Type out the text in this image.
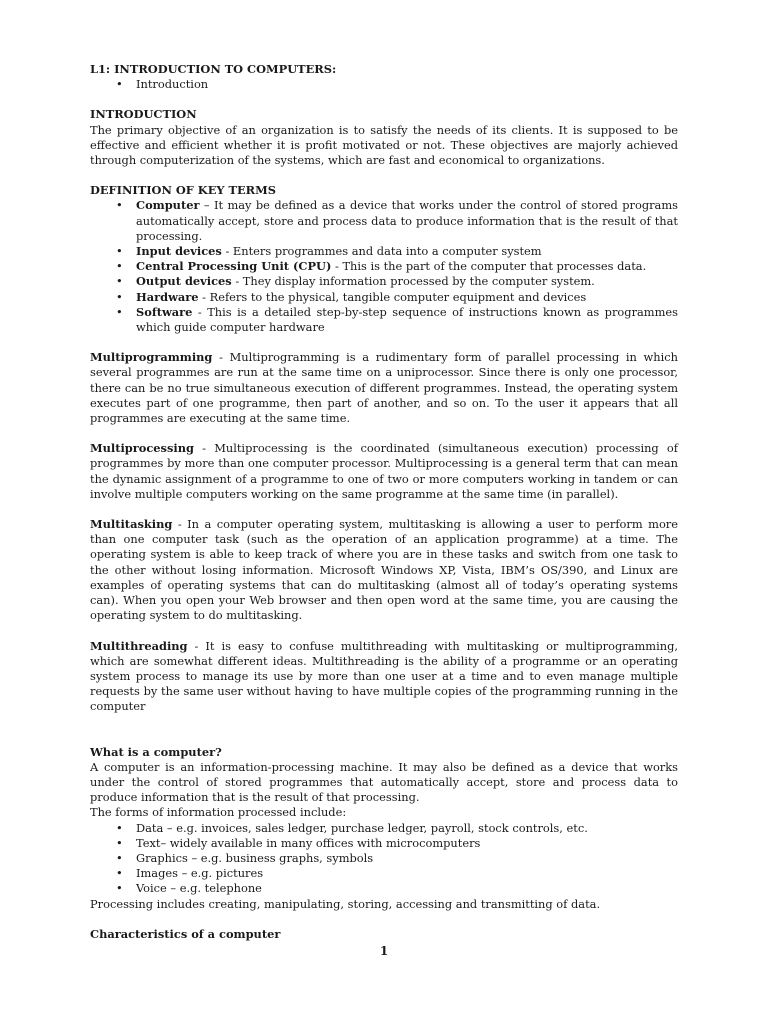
L1: INTRODUCTION TO COMPUTERS:

• Introduction

INTRODUCTION

The primary objective of an organization is to satisfy the needs of its clients. It is supposed to be effective and efficient whether it is profit motivated or not. These objectives are majorly achieved through computerization of the systems, which are fast and economical to organizations.

DEFINITION OF KEY TERMS

• Computer – It may be defined as a device that works under the control of stored programs automatically accept, store and process data to produce information that is the result of that processing.
• Input devices - Enters programmes and data into a computer system
• Central Processing Unit (CPU) - This is the part of the computer that processes data.
• Output devices - They display information processed by the computer system.
• Hardware - Refers to the physical, tangible computer equipment and devices
• Software - This is a detailed step-by-step sequence of instructions known as programmes which guide computer hardware

Multiprogramming - Multiprogramming is a rudimentary form of parallel processing in which several programmes are run at the same time on a uniprocessor. Since there is only one processor, there can be no true simultaneous execution of different programmes. Instead, the operating system executes part of one programme, then part of another, and so on. To the user it appears that all programmes are executing at the same time.

Multiprocessing - Multiprocessing is the coordinated (simultaneous execution) processing of programmes by more than one computer processor. Multiprocessing is a general term that can mean the dynamic assignment of a programme to one of two or more computers working in tandem or can involve multiple computers working on the same programme at the same time (in parallel).

Multitasking - In a computer operating system, multitasking is allowing a user to perform more than one computer task (such as the operation of an application programme) at a time. The operating system is able to keep track of where you are in these tasks and switch from one task to the other without losing information. Microsoft Windows XP, Vista, IBM’s OS/390, and Linux are examples of operating systems that can do multitasking (almost all of today’s operating systems can). When you open your Web browser and then open word at the same time, you are causing the operating system to do multitasking.

Multithreading - It is easy to confuse multithreading with multitasking or multiprogramming, which are somewhat different ideas. Multithreading is the ability of a programme or an operating system process to manage its use by more than one user at a time and to even manage multiple requests by the same user without having to have multiple copies of the programming running in the computer

What is a computer?

A computer is an information-processing machine. It may also be defined as a device that works under the control of stored programmes that automatically accept, store and process data to produce information that is the result of that processing.

The forms of information processed include:

• Data – e.g. invoices, sales ledger, purchase ledger, payroll, stock controls, etc.
• Text– widely available in many offices with microcomputers
• Graphics – e.g. business graphs, symbols
• Images – e.g. pictures
• Voice – e.g. telephone

Processing includes creating, manipulating, storing, accessing and transmitting of data.

Characteristics of a computer

1
